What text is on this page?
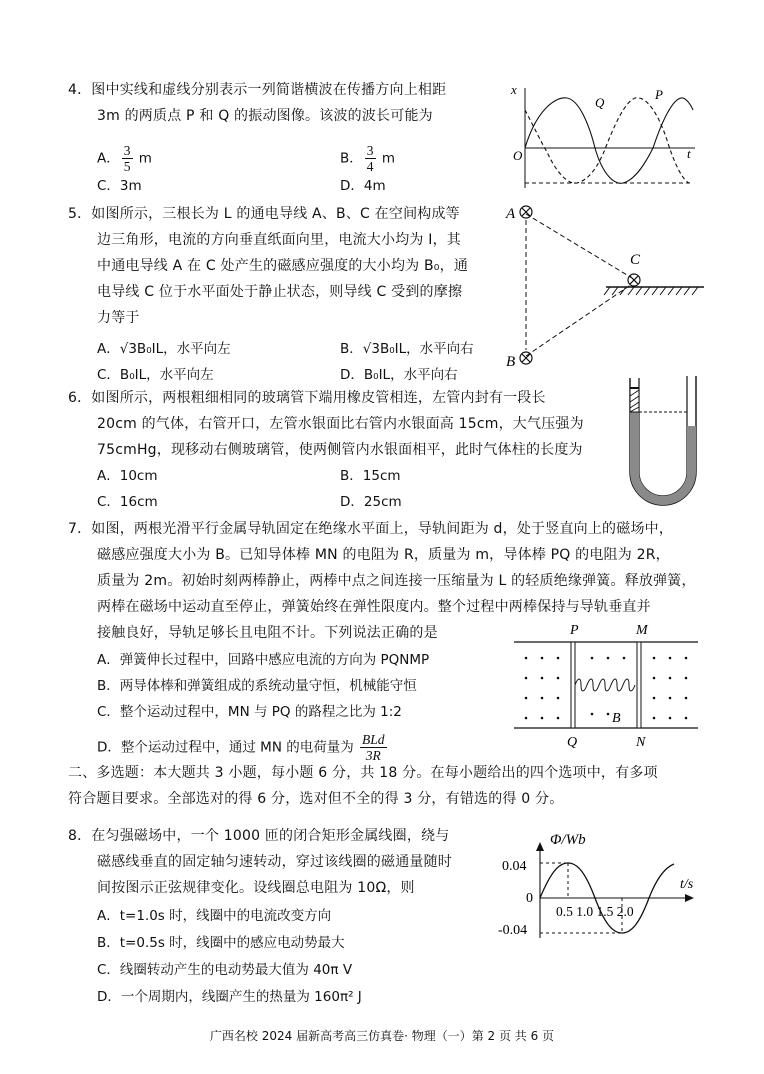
4．图中实线和虚线分别表示一列简谐横波在传播方向上相距
3m 的两质点 P 和 Q 的振动图像。该波的波长可能为
A． $\frac{3}{5}$ m	B． $\frac{3}{4}$ m
C．3m	D．4m
x
Q
P
O	t
5．如图所示，三根长为 L 的通电导线 A、B、C 在空间构成等
边三角形，电流的方向垂直纸面向里，电流大小均为 I，其
中通电导线 A 在 C 处产生的磁感应强度的大小均为 B₀，通
电导线 C 位于水平面处于静止状态，则导线 C 受到的摩擦
力等于
A．√3B₀IL，水平向左	B．√3B₀IL，水平向右
C．B₀IL，水平向左	D．B₀IL，水平向右
A
B
C
6．如图所示，两根粗细相同的玻璃管下端用橡皮管相连，左管内封有一段长
20cm 的气体，右管开口，左管水银面比右管内水银面高 15cm，大气压强为
75cmHg，现移动右侧玻璃管，使两侧管内水银面相平，此时气体柱的长度为
A．10cm	B．15cm
C．16cm	D．25cm
7．如图，两根光滑平行金属导轨固定在绝缘水平面上，导轨间距为 d，处于竖直向上的磁场中，
磁感应强度大小为 B。已知导体棒 MN 的电阻为 R，质量为 m，导体棒 PQ 的电阻为 2R，
质量为 2m。初始时刻两棒静止，两棒中点之间连接一压缩量为 L 的轻质绝缘弹簧。释放弹簧，
两棒在磁场中运动直至停止，弹簧始终在弹性限度内。整个过程中两棒保持与导轨垂直并
接触良好，导轨足够长且电阻不计。下列说法正确的是
A．弹簧伸长过程中，回路中感应电流的方向为 PQNMP
B．两导体棒和弹簧组成的系统动量守恒，机械能守恒
C．整个运动过程中，MN 与 PQ 的路程之比为 1:2
D．整个运动过程中，通过 MN 的电荷量为 $\frac{\text{BLd}}{3R}$
P	M
Q	N
B
二、多选题：本大题共 3 小题，每小题 6 分，共 18 分。在每小题给出的四个选项中，有多项
符合题目要求。全部选对的得 6 分，选对但不全的得 3 分，有错选的得 0 分。
8．在匀强磁场中，一个 1000 匝的闭合矩形金属线圈，绕与
磁感线垂直的固定轴匀速转动，穿过该线圈的磁通量随时
间按图示正弦规律变化。设线圈总电阻为 10Ω，则
A．t=1.0s 时，线圈中的电流改变方向
B．t=0.5s 时，线圈中的感应电动势最大
C．线圈转动产生的电动势最大值为 40π V
D．一个周期内，线圈产生的热量为 160π² J
Φ/Wb
t/s
0.04
0
-0.04
0.5 1.0 1.5 2.0
广西名校 2024 届新高考高三仿真卷· 物理（一）第 2 页 共 6 页
